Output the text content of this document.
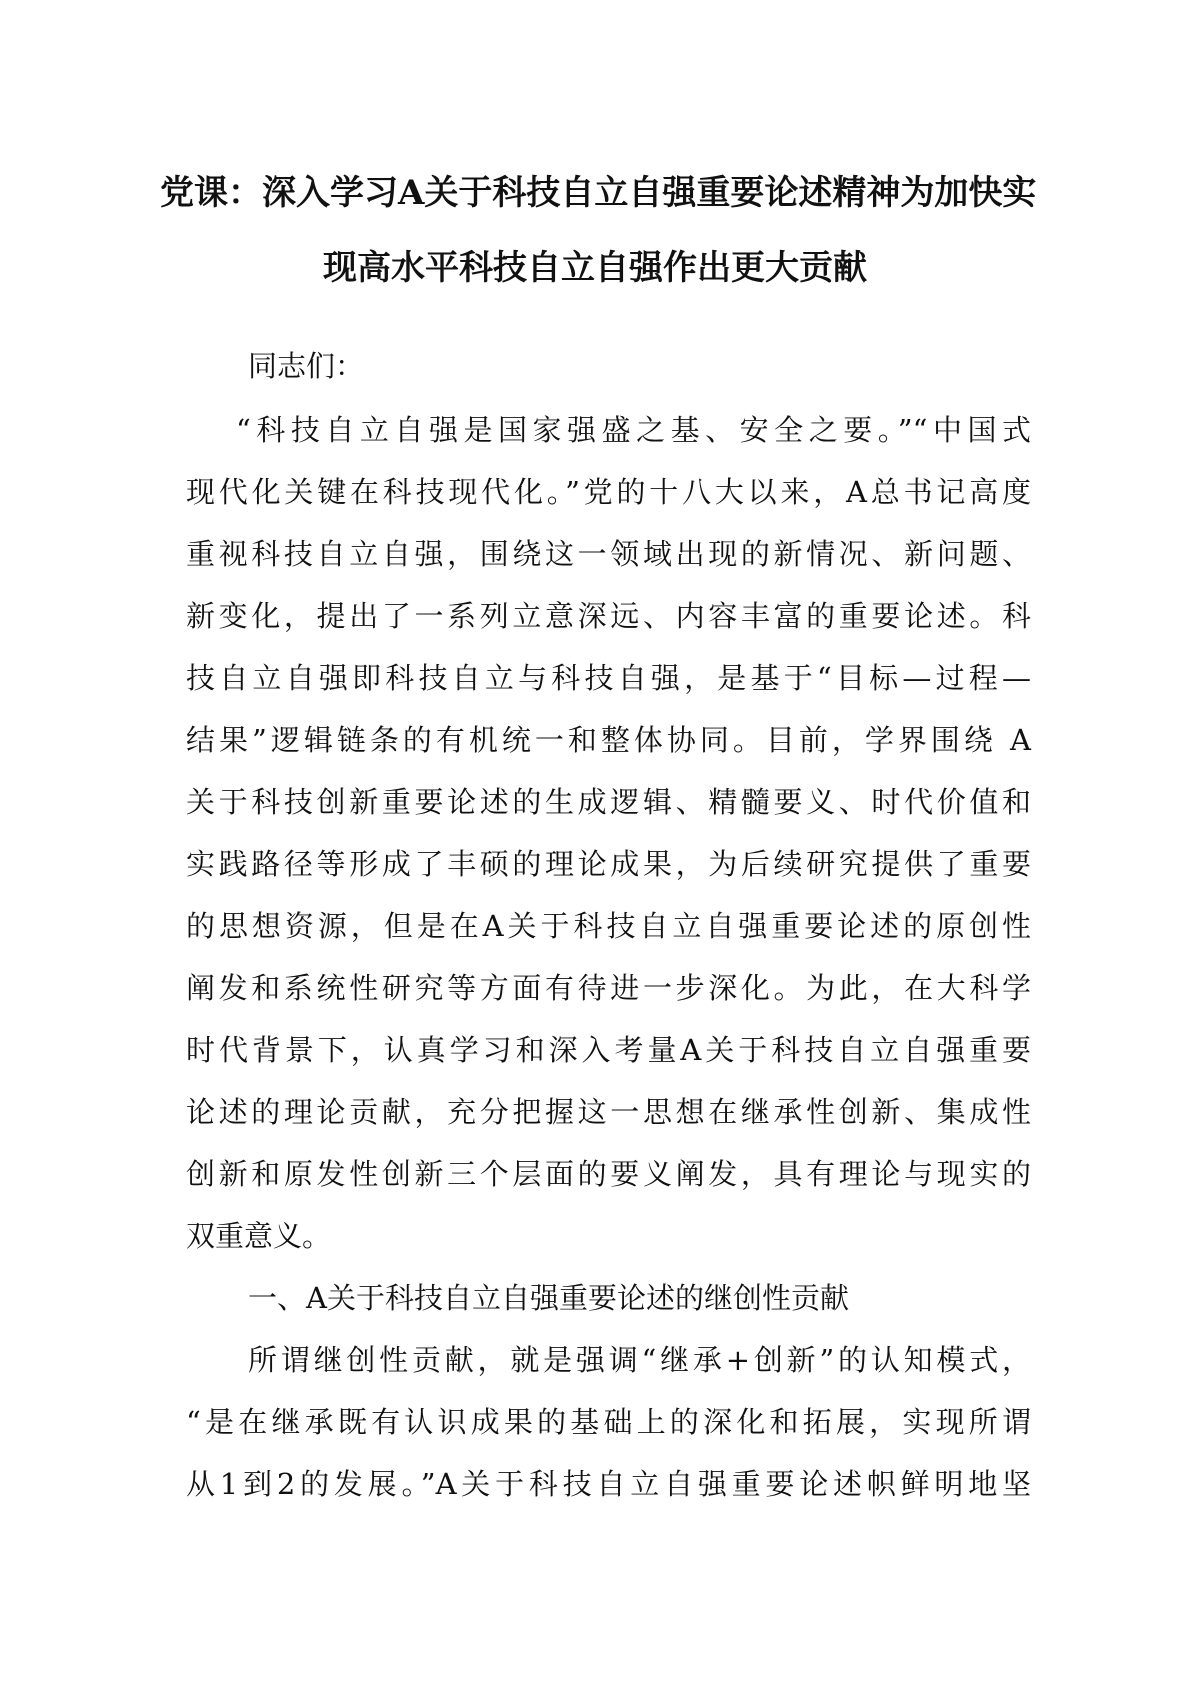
党课：深入学习A关于科技自立自强重要论述精神为加快实
现高水平科技自立自强作出更大贡献
同志们：
“科技自立自强是国家强盛之基、安全之要。”“中国式
现代化关键在科技现代化。”党的十八大以来，A总书记高度
重视科技自立自强，围绕这一领域出现的新情况、新问题、
新变化，提出了一系列立意深远、内容丰富的重要论述。科
技自立自强即科技自立与科技自强，是基于“目标—过程—
结果”逻辑链条的有机统一和整体协同。目前，学界围绕 A
关于科技创新重要论述的生成逻辑、精髓要义、时代价值和
实践路径等形成了丰硕的理论成果，为后续研究提供了重要
的思想资源，但是在A关于科技自立自强重要论述的原创性
阐发和系统性研究等方面有待进一步深化。为此，在大科学
时代背景下，认真学习和深入考量A关于科技自立自强重要
论述的理论贡献，充分把握这一思想在继承性创新、集成性
创新和原发性创新三个层面的要义阐发，具有理论与现实的
双重意义。
一、A关于科技自立自强重要论述的继创性贡献
所谓继创性贡献，就是强调“继承+创新”的认知模式，
“是在继承既有认识成果的基础上的深化和拓展，实现所谓
从1到2的发展。”A关于科技自立自强重要论述帜鲜明地坚
